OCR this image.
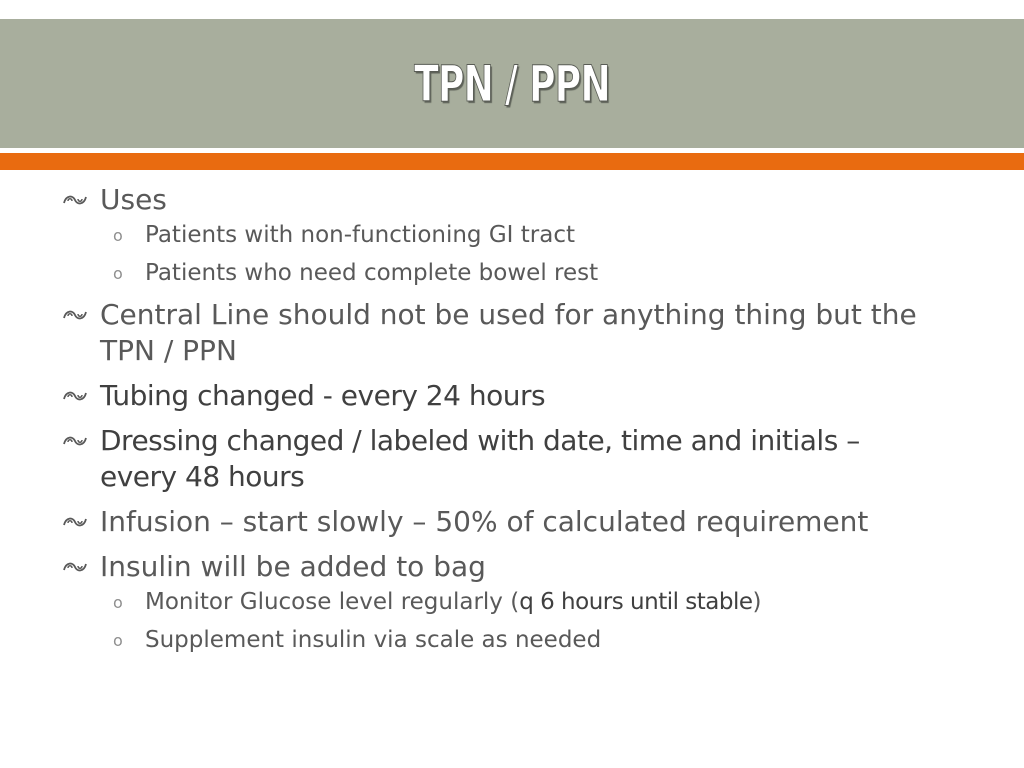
TPN / PPN
Uses
o Patients with non-functioning GI tract
o Patients who need complete bowel rest
Central Line should not be used for anything thing but the TPN / PPN
Tubing changed - every 24 hours
Dressing changed / labeled with date, time and initials – every 48 hours
Infusion – start slowly – 50% of calculated requirement
Insulin will be added to bag
o Monitor Glucose level regularly (q 6 hours until stable)
o Supplement insulin via scale as needed
